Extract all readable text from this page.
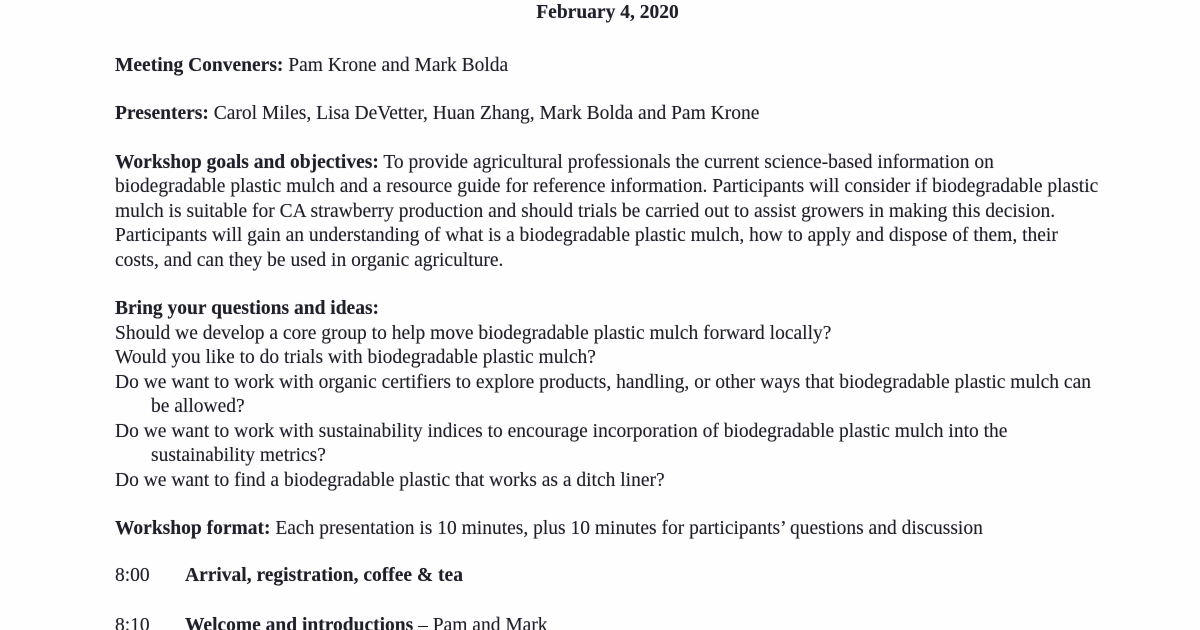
February 4, 2020

Meeting Conveners: Pam Krone and Mark Bolda

Presenters: Carol Miles, Lisa DeVetter, Huan Zhang, Mark Bolda and Pam Krone

Workshop goals and objectives: To provide agricultural professionals the current science-based information on biodegradable plastic mulch and a resource guide for reference information. Participants will consider if biodegradable plastic mulch is suitable for CA strawberry production and should trials be carried out to assist growers in making this decision. Participants will gain an understanding of what is a biodegradable plastic mulch, how to apply and dispose of them, their costs, and can they be used in organic agriculture.

Bring your questions and ideas:
Should we develop a core group to help move biodegradable plastic mulch forward locally?
Would you like to do trials with biodegradable plastic mulch?
Do we want to work with organic certifiers to explore products, handling, or other ways that biodegradable plastic mulch can be allowed?
Do we want to work with sustainability indices to encourage incorporation of biodegradable plastic mulch into the sustainability metrics?
Do we want to find a biodegradable plastic that works as a ditch liner?

Workshop format: Each presentation is 10 minutes, plus 10 minutes for participants’ questions and discussion

8:00	Arrival, registration, coffee & tea
8:10	Welcome and introductions – Pam and Mark
